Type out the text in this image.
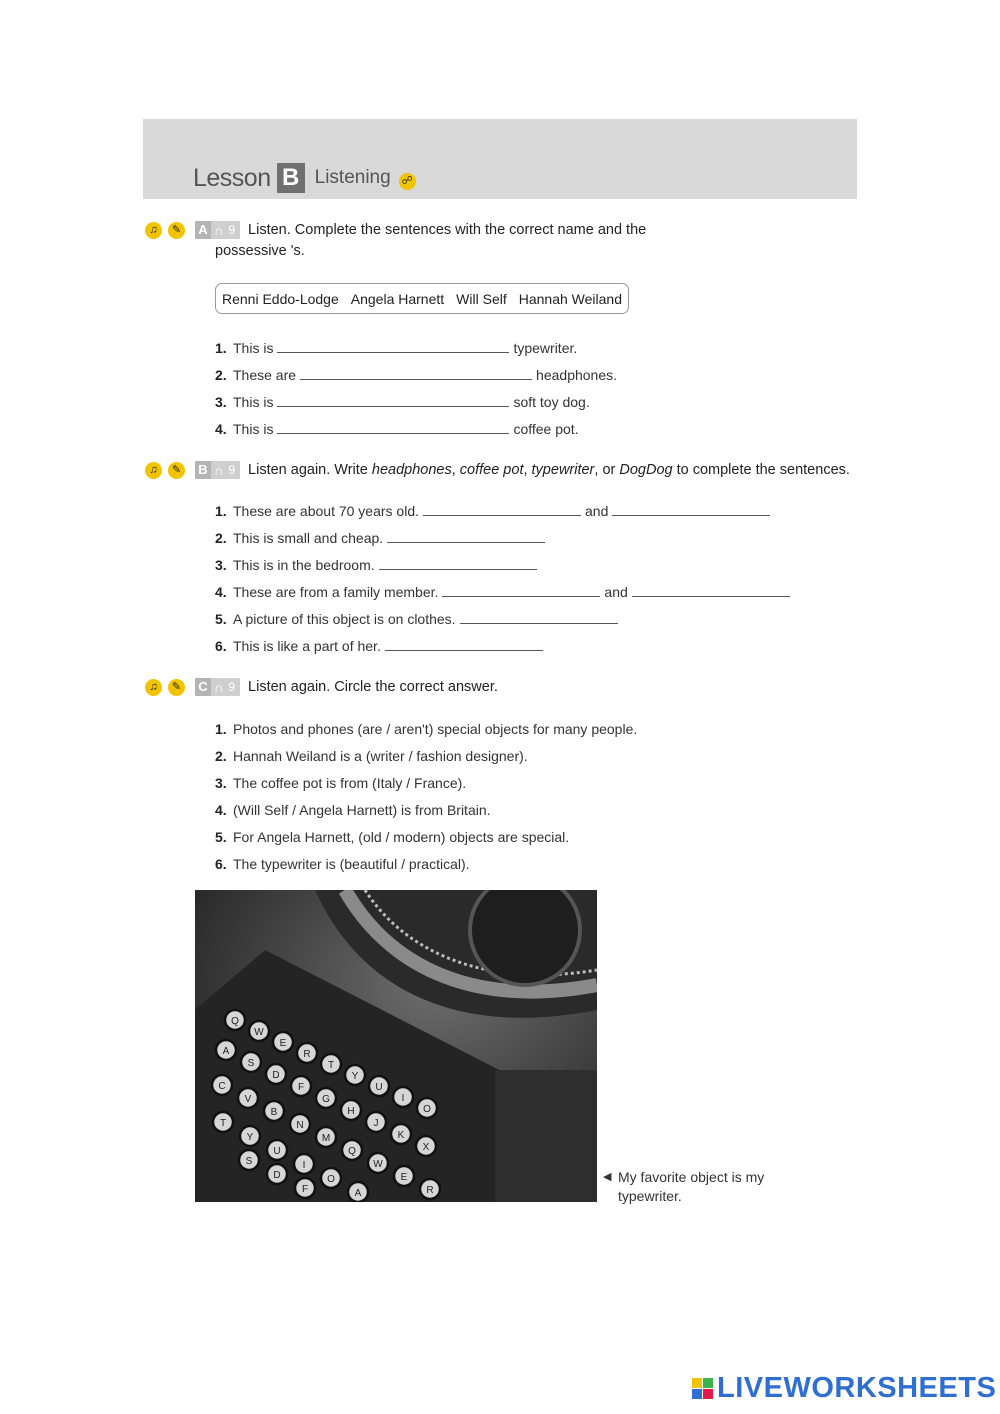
Lesson B Listening ☍
♫	✎ A ∩ 9 Listen. Complete the sentences with the correct name and the
possessive 's.
Renni Eddo-Lodge Angela Harnett Will Self Hannah Weiland
1. This is	typewriter.
2. These are	headphones.
3. This is	soft toy dog.
4. This is	coffee pot.
♫	✎ B ∩ 9 Listen again. Write headphones, coffee pot, typewriter, or DogDog to complete the sentences.
1. These are about 70 years old.	and
2. This is small and cheap.
3. This is in the bedroom.
4. These are from a family member.	and
5. A picture of this object is on clothes.
6. This is like a part of her.
♫	✎ C ∩ 9 Listen again. Circle the correct answer.
1. Photos and phones (are / aren't) special objects for many people.
2. Hannah Weiland is a (writer / fashion designer).
3. The coffee pot is from (Italy / France).
4. (Will Self / Angela Harnett) is from Britain.
5. For Angela Harnett, (old / modern) objects are special.
6. The typewriter is (beautiful / practical).
Q
W
E
R
T
Y
U
I
O
A
S
D
F
G
H
J
K
X
C
V
B
N
M
Q
W
E
R
T
Y
U
I
O
A
S
D
F
◀ My favorite object is my typewriter.
LIVEWORKSHEETS
